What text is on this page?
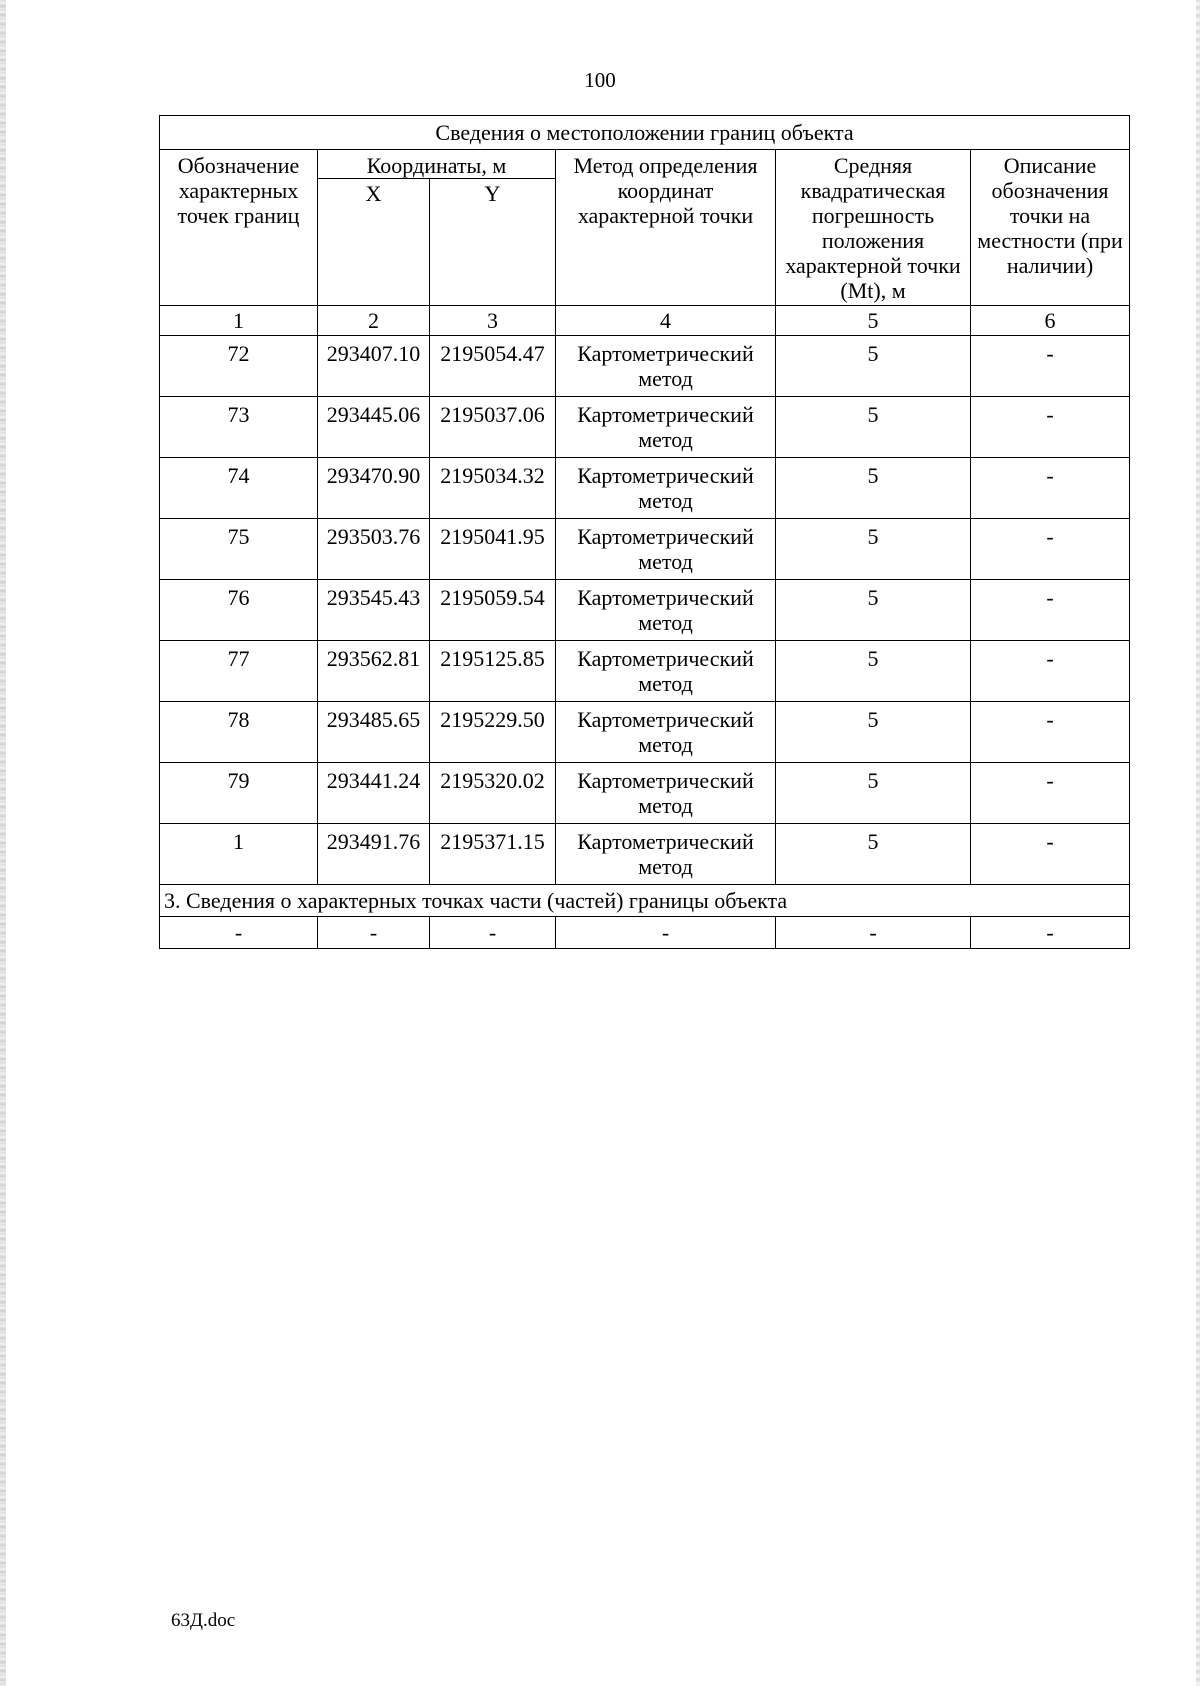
100
Сведения о местоположении границ объекта					
Обозначение характерных точек границ	Координаты, м		Метод определения координат характерной точки	Средняя квадратическая погрешность положения характерной точки (Mt), м	Описание обозначения точки на местности (при наличии)
	X	Y			
1	2	3	4	5	6
72	293407.10	2195054.47	Картометрический метод	5	-
73	293445.06	2195037.06	Картометрический метод	5	-
74	293470.90	2195034.32	Картометрический метод	5	-
75	293503.76	2195041.95	Картометрический метод	5	-
76	293545.43	2195059.54	Картометрический метод	5	-
77	293562.81	2195125.85	Картометрический метод	5	-
78	293485.65	2195229.50	Картометрический метод	5	-
79	293441.24	2195320.02	Картометрический метод	5	-
1	293491.76	2195371.15	Картометрический метод	5	-
3. Сведения о характерных точках части (частей) границы объекта					
-	-	-	-	-	-
63Д.doc
